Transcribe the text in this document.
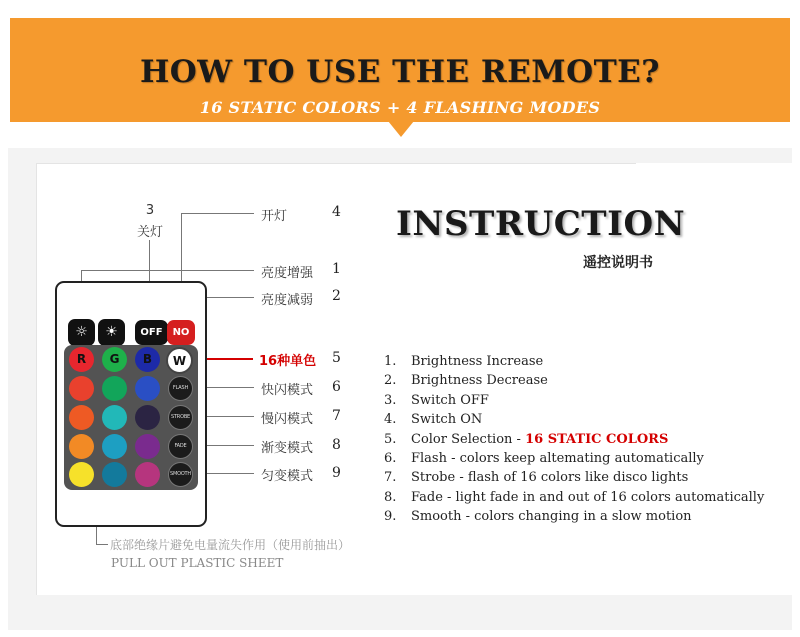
HOW TO USE THE REMOTE?
16 STATIC COLORS + 4 FLASHING MODES
3
关灯
开灯	4
亮度增强 1
亮度减弱 2
16种单色 5
快闪模式 6
慢闪模式 7
渐变模式 8
匀变模式 9
☼	☀	OFF NO
R	G	B	W
FLASH
STROBE
FADE
SMOOTH
底部绝缘片避免电量流失作用（使用前抽出）
PULL OUT PLASTIC SHEET
INSTRUCTION
遥控说明书
1. Brightness Increase
2. Brightness Decrease
3. Switch OFF
4. Switch ON
5. Color Selection - 16 STATIC COLORS
6. Flash - colors keep altemating automatically
7. Strobe - flash of 16 colors like disco lights
8. Fade - light fade in and out of 16 colors automatically
9. Smooth - colors changing in a slow motion
